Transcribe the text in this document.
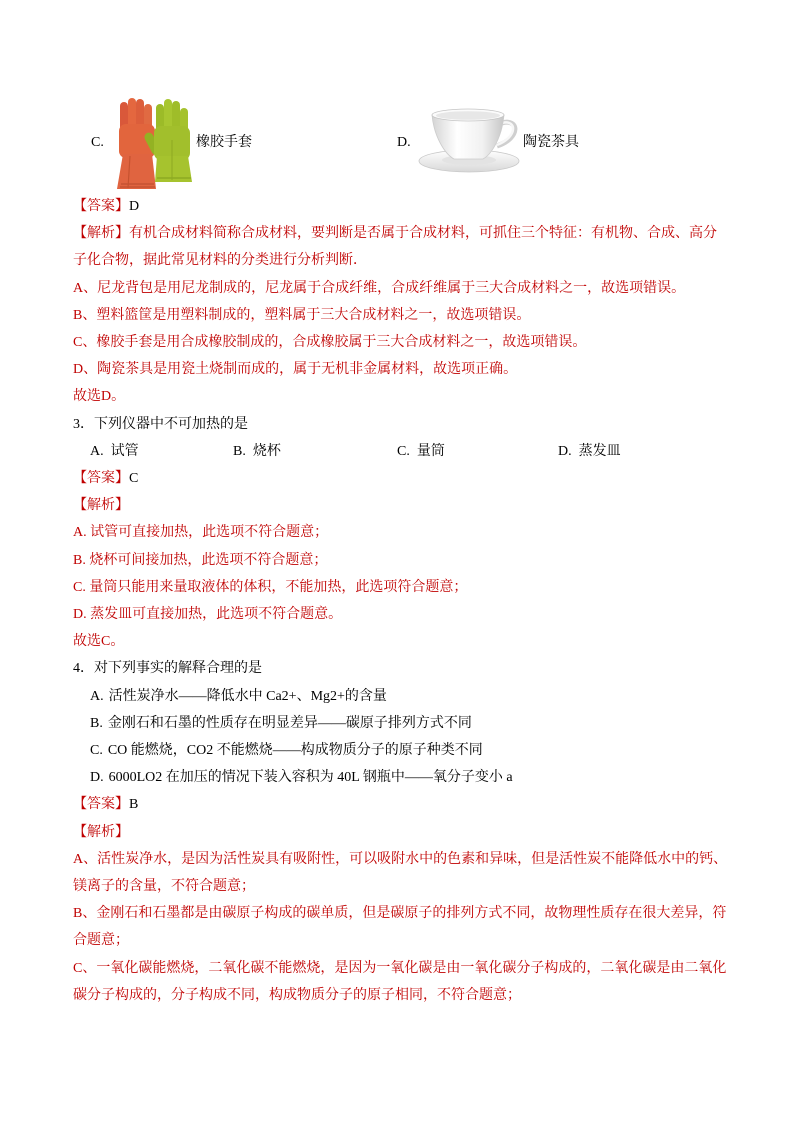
C.	橡胶手套	D.	陶瓷茶具
【答案】D
【解析】有机合成材料简称合成材料，要判断是否属于合成材料，可抓住三个特征：有机物、合成、高分
子化合物，据此常见材料的分类进行分析判断．
A、尼龙背包是用尼龙制成的，尼龙属于合成纤维，合成纤维属于三大合成材料之一，故选项错误。
B、塑料篮筐是用塑料制成的，塑料属于三大合成材料之一，故选项错误。
C、橡胶手套是用合成橡胶制成的，合成橡胶属于三大合成材料之一，故选项错误。
D、陶瓷茶具是用瓷土烧制而成的，属于无机非金属材料，故选项正确。
故选D。
3．下列仪器中不可加热的是
A. 试管	B. 烧杯	C. 量筒	D. 蒸发皿
【答案】C
【解析】
A. 试管可直接加热，此选项不符合题意；
B. 烧杯可间接加热，此选项不符合题意；
C. 量筒只能用来量取液体的体积，不能加热，此选项符合题意；
D. 蒸发皿可直接加热，此选项不符合题意。
故选C。
4．对下列事实的解释合理的是
A. 活性炭净水——降低水中 Ca2+、Mg2+的含量
B. 金刚石和石墨的性质存在明显差异——碳原子排列方式不同
C. CO 能燃烧，CO2 不能燃烧——构成物质分子的原子种类不同
D. 6000LO2 在加压的情况下装入容积为 40L 钢瓶中——氧分子变小 a
【答案】B
【解析】
A、活性炭净水，是因为活性炭具有吸附性，可以吸附水中的色素和异味，但是活性炭不能降低水中的钙、
镁离子的含量，不符合题意；
B、金刚石和石墨都是由碳原子构成的碳单质，但是碳原子的排列方式不同，故物理性质存在很大差异，符
合题意；
C、一氧化碳能燃烧，二氧化碳不能燃烧，是因为一氧化碳是由一氧化碳分子构成的，二氧化碳是由二氧化
碳分子构成的，分子构成不同，构成物质分子的原子相同，不符合题意；
